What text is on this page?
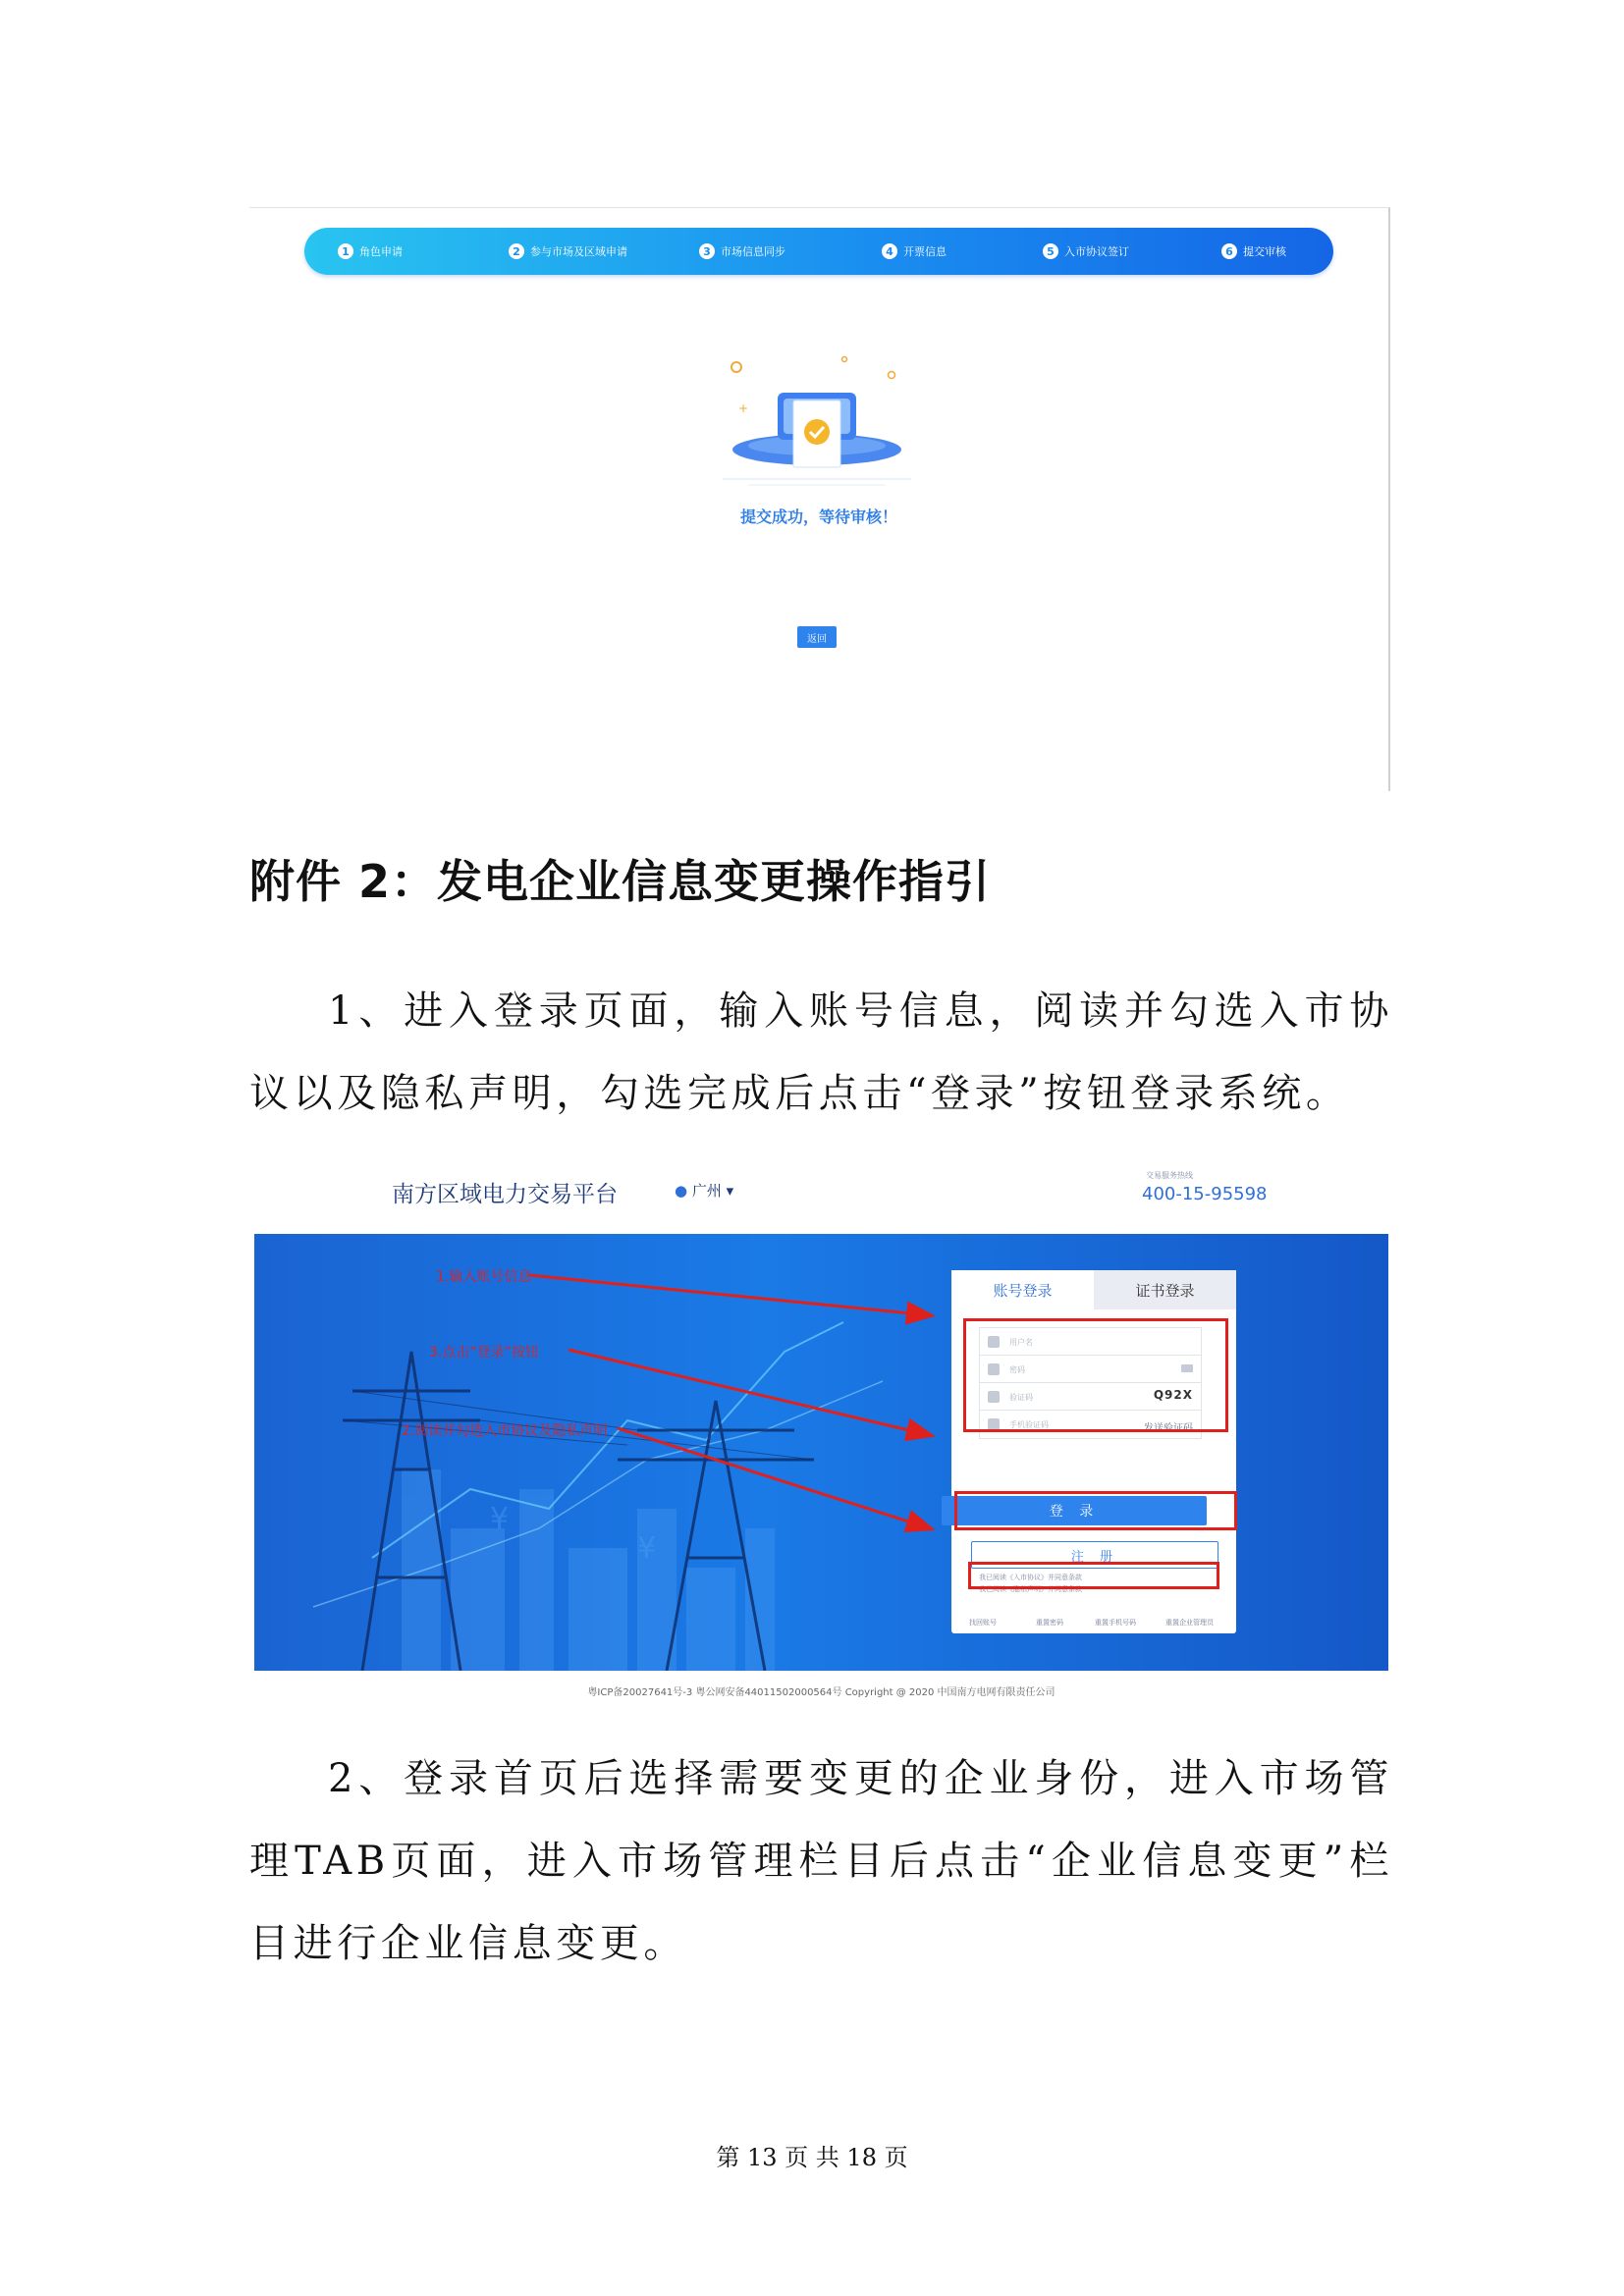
1 角色申请	2 参与市场及区域申请	3 市场信息同步	4 开票信息	5 入市协议签订	6 提交审核
+
提交成功，等待审核！
返回
附件 2：发电企业信息变更操作指引
1、进入登录页面，输入账号信息，阅读并勾选入市协议以及隐私声明，勾选完成后点击“登录”按钮登录系统。
南方区域电力交易平台	● 广州 ▾
交易服务热线
400-15-95598
¥
¥
1.输入账号信息
3.点击“登录”按钮
2.阅读并勾选入市协议及隐私声明
账号登录	证书登录
用户名
密码
验证码	Q92X
手机验证码	发送验证码
登 录
注 册
我已阅读《入市协议》并同意条款
我已阅读《隐私声明》并同意条款
找回账号	重置密码	重置手机号码	重置企业管理员
粤ICP备20027641号-3 粤公网安备44011502000564号 Copyright @ 2020 中国南方电网有限责任公司
2、登录首页后选择需要变更的企业身份，进入市场管理TAB页面，进入市场管理栏目后点击“企业信息变更”栏目进行企业信息变更。
第 13 页 共 18 页
